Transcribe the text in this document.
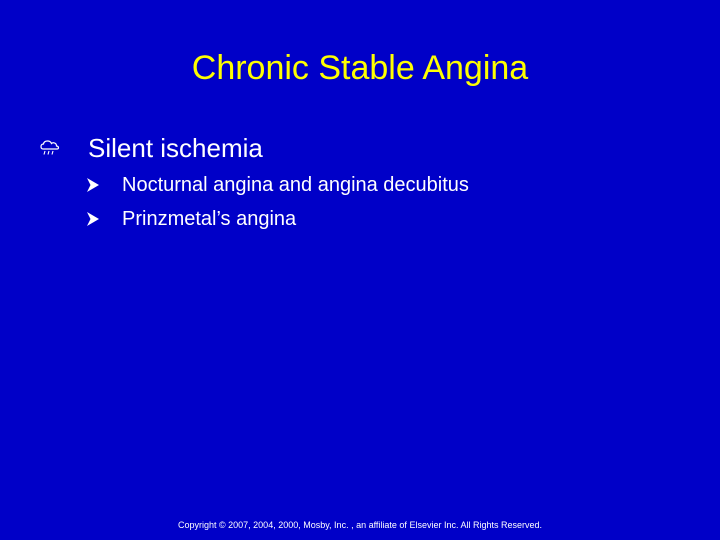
Chronic Stable Angina
Silent ischemia
Nocturnal angina and angina decubitus
Prinzmetal’s angina
Copyright © 2007, 2004, 2000, Mosby, Inc. , an affiliate of Elsevier Inc. All Rights Reserved.
